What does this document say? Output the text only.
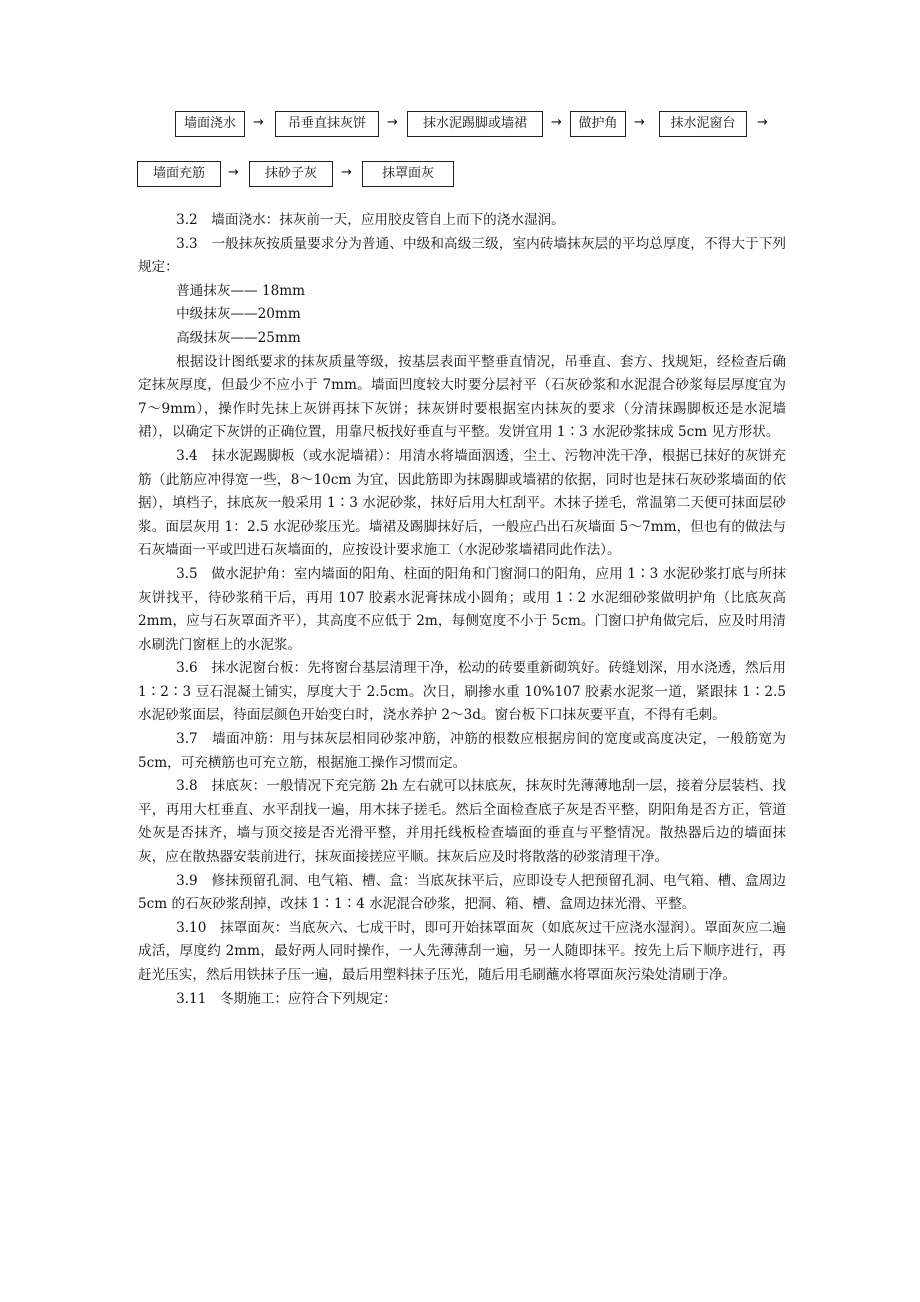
墙面浇水	→	吊垂直抹灰饼	→	抹水泥踢脚或墙裙	→	做护角	→	抹水泥窗台	→
墙面充筋	→	抹砂子灰	→	抹罩面灰

3.2　墙面浇水：抹灰前一天，应用胶皮管自上而下的浇水湿润。

3.3　一般抹灰按质量要求分为普通、中级和高级三级，室内砖墙抹灰层的平均总厚度，不得大于下列规定：

普通抹灰—— 18mm

中级抹灰——20mm

高级抹灰——25mm

根据设计图纸要求的抹灰质量等级，按基层表面平整垂直情况，吊垂直、套方、找规矩，经检查后确定抹灰厚度，但最少不应小于 7mm。墙面凹度较大时要分层衬平（石灰砂浆和水泥混合砂浆每层厚度宜为 7～9mm），操作时先抹上灰饼再抹下灰饼；抹灰饼时要根据室内抹灰的要求（分清抹踢脚板还是水泥墙裙），以确定下灰饼的正确位置，用靠尺板找好垂直与平整。发饼宜用 1∶3 水泥砂浆抹成 5cm 见方形状。

3.4　抹水泥踢脚板（或水泥墙裙）：用清水将墙面洇透，尘土、污物冲洗干净，根据已抹好的灰饼充筋（此筋应冲得宽一些，8～10cm 为宜，因此筋即为抹踢脚或墙裙的依据，同时也是抹石灰砂浆墙面的依据），填档子，抹底灰一般采用 1∶3 水泥砂浆，抹好后用大杠刮平。木抹子搓毛，常温第二天便可抹面层砂浆。面层灰用 1：2.5 水泥砂浆压光。墙裙及踢脚抹好后，一般应凸出石灰墙面 5～7mm，但也有的做法与石灰墙面一平或凹进石灰墙面的，应按设计要求施工（水泥砂浆墙裙同此作法）。

3.5　做水泥护角：室内墙面的阳角、柱面的阳角和门窗洞口的阳角，应用 1∶3 水泥砂浆打底与所抹灰饼找平，待砂浆稍干后，再用 107 胶素水泥膏抹成小圆角；或用 1∶2 水泥细砂浆做明护角（比底灰高 2mm，应与石灰罩面齐平），其高度不应低于 2m，每侧宽度不小于 5cm。门窗口护角做完后，应及时用清水刷洗门窗框上的水泥浆。

3.6　抹水泥窗台板：先将窗台基层清理干净，松动的砖要重新砌筑好。砖缝划深，用水浇透，然后用 1∶2∶3 豆石混凝土铺实，厚度大于 2.5cm。次日，刷掺水重 10%107 胶素水泥浆一道，紧跟抹 1∶2.5 水泥砂浆面层，待面层颜色开始变白时，浇水养护 2～3d。窗台板下口抹灰要平直，不得有毛刺。

3.7　墙面冲筋：用与抹灰层相同砂浆冲筋，冲筋的根数应根据房间的宽度或高度决定，一般筋宽为 5cm，可充横筋也可充立筋，根据施工操作习惯而定。

3.8　抹底灰：一般情况下充完筋 2h 左右就可以抹底灰，抹灰时先薄薄地刮一层，接着分层装档、找平，再用大杠垂直、水平刮找一遍，用木抹子搓毛。然后全面检查底子灰是否平整，阴阳角是否方正，管道处灰是否抹齐，墙与顶交接是否光滑平整，并用托线板检查墙面的垂直与平整情况。散热器后边的墙面抹灰，应在散热器安装前进行，抹灰面接搓应平顺。抹灰后应及时将散落的砂浆清理干净。

3.9　修抹预留孔洞、电气箱、槽、盒：当底灰抹平后，应即设专人把预留孔洞、电气箱、槽、盒周边 5cm 的石灰砂浆刮掉，改抹 1∶1∶4 水泥混合砂浆，把洞、箱、槽、盒周边抹光滑、平整。

3.10　抹罩面灰：当底灰六、七成干时，即可开始抹罩面灰（如底灰过干应浇水湿润）。罩面灰应二遍成活，厚度约 2mm，最好两人同时操作，一人先薄薄刮一遍，另一人随即抹平。按先上后下顺序进行，再赶光压实，然后用铁抹子压一遍，最后用塑料抹子压光，随后用毛刷蘸水将罩面灰污染处清刷于净。

3.11　冬期施工：应符合下列规定：
